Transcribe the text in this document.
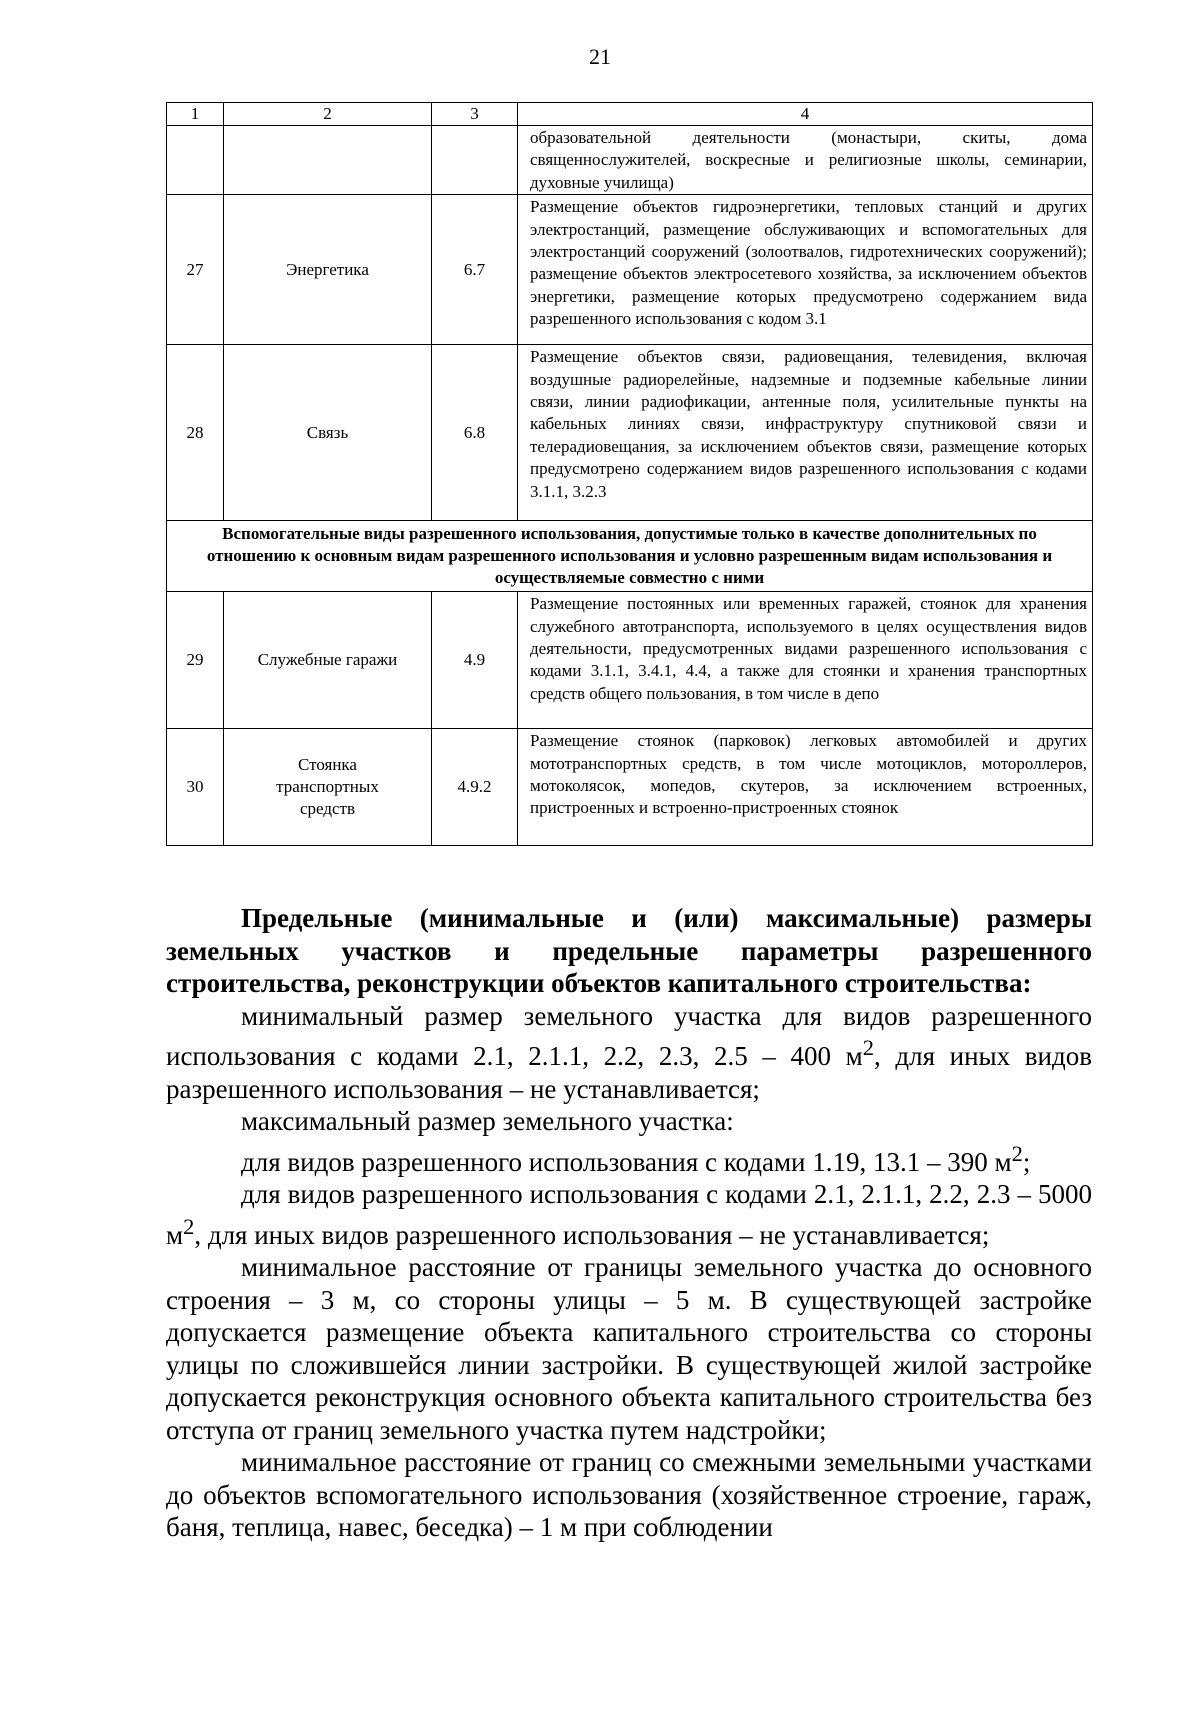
21
1	2	3	4
			образовательной деятельности (монастыри, скиты, дома священнослужителей, воскресные и религиозные школы, семинарии, духовные училища)
27	Энергетика	6.7	Размещение объектов гидроэнергетики, тепловых станций и других электростанций, размещение обслуживающих и вспомогательных для электростанций сооружений (золоотвалов, гидротехнических сооружений); размещение объектов электросетевого хозяйства, за исключением объектов энергетики, размещение которых предусмотрено содержанием вида разрешенного использования с кодом 3.1
28	Связь	6.8	Размещение объектов связи, радиовещания, телевидения, включая воздушные радиорелейные, надземные и подземные кабельные линии связи, линии радиофикации, антенные поля, усилительные пункты на кабельных линиях связи, инфраструктуру спутниковой связи и телерадиовещания, за исключением объектов связи, размещение которых предусмотрено содержанием видов разрешенного использования с кодами 3.1.1, 3.2.3
Вспомогательные виды разрешенного использования, допустимые только в качестве дополнительных по отношению к основным видам разрешенного использования и условно разрешенным видам использования и осуществляемые совместно с ними			
29	Служебные гаражи	4.9	Размещение постоянных или временных гаражей, стоянок для хранения служебного автотранспорта, используемого в целях осуществления видов деятельности, предусмотренных видами разрешенного использования с кодами 3.1.1, 3.4.1, 4.4, а также для стоянки и хранения транспортных средств общего пользования, в том числе в депо
30	Стоянка транспортных средств	4.9.2	Размещение стоянок (парковок) легковых автомобилей и других мототранспортных средств, в том числе мотоциклов, мотороллеров, мотоколясок, мопедов, скутеров, за исключением встроенных, пристроенных и встроенно-пристроенных стоянок

Предельные (минимальные и (или) максимальные) размеры земельных участков и предельные параметры разрешенного строительства, реконструкции объектов капитального строительства:

минимальный размер земельного участка для видов разрешенного использования с кодами 2.1, 2.1.1, 2.2, 2.3, 2.5 – 400 $м^2$, для иных видов разрешенного использования – не устанавливается;

максимальный размер земельного участка:

для видов разрешенного использования с кодами 1.19, 13.1 – 390 $м^2$;

для видов разрешенного использования с кодами 2.1, 2.1.1, 2.2, 2.3 – 5000 $м^2$, для иных видов разрешенного использования – не устанавливается;

минимальное расстояние от границы земельного участка до основного строения – 3 м, со стороны улицы – 5 м. В существующей застройке допускается размещение объекта капитального строительства со стороны улицы по сложившейся линии застройки. В существующей жилой застройке допускается реконструкция основного объекта капитального строительства без отступа от границ земельного участка путем надстройки;

минимальное расстояние от границ со смежными земельными участками до объектов вспомогательного использования (хозяйственное строение, гараж, баня, теплица, навес, беседка) – 1 м при соблюдении
